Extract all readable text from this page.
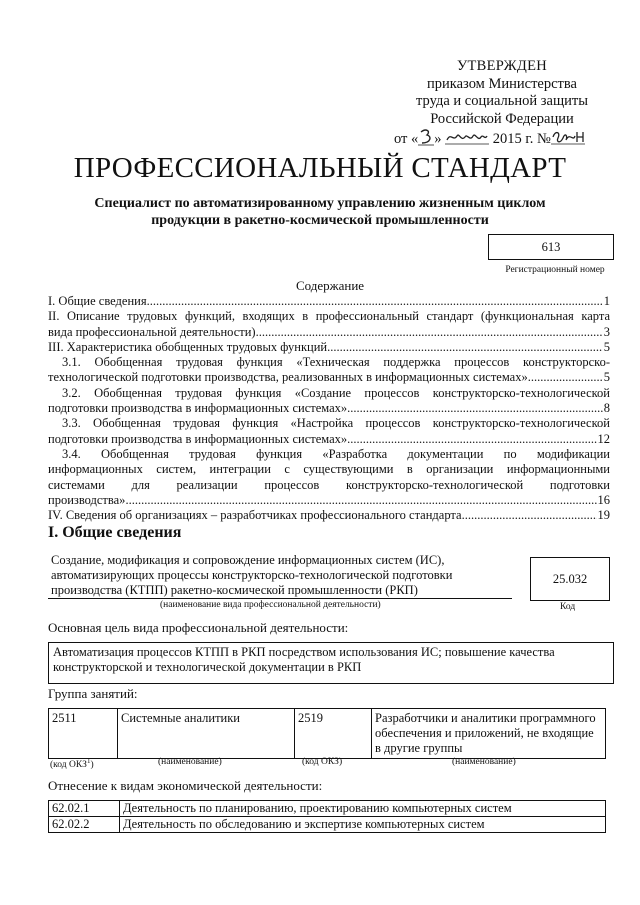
УТВЕРЖДЕН
приказом Министерства
труда и социальной защиты
Российской Федерации
от « »	2015 г. №
ПРОФЕССИОНАЛЬНЫЙ СТАНДАРТ
Специалист по автоматизированному управлению жизненным циклом продукции в ракетно-космической промышленности
613
Регистрационный номер
Содержание
I. Общие сведения .....	1
II. Описание трудовых функций, входящих в профессиональный стандарт (функциональная карта
вида профессиональной деятельности) .....	3
III. Характеристика обобщенных трудовых функций .....	5
3.1. Обобщенная трудовая функция «Техническая поддержка процессов конструкторско-
технологической подготовки производства, реализованных в информационных системах» .....	5
3.2. Обобщенная трудовая функция «Создание процессов конструкторско-технологической
подготовки производства в информационных системах» .....	8
3.3. Обобщенная трудовая функция «Настройка процессов конструкторско-технологической
подготовки производства в информационных системах» .....	12
3.4. Обобщенная трудовая функция «Разработка документации по модификации
информационных систем, интеграции с существующими в организации информационными
системами для реализации процессов конструкторско-технологической подготовки
производства» .....	16
IV. Сведения об организациях – разработчиках профессионального стандарта .....	19
I. Общие сведения
Создание, модификация и сопровождение информационных систем (ИС), автоматизирующих процессы конструкторско-технологической подготовки производства (КТПП) ракетно-космической промышленности (РКП)
25.032
(наименование вида профессиональной деятельности)	Код
Основная цель вида профессиональной деятельности:
Автоматизация процессов КТПП в РКП посредством использования ИС; повышение качества конструкторской и технологической документации в РКП
Группа занятий:
2511	Системные аналитики	2519	Разработчики и аналитики программного обеспечения и приложений, не входящие в другие группы
(код ОКЗ$^1$)	(наименование)	(код ОКЗ)	(наименование)
Отнесение к видам экономической деятельности:
62.02.1	Деятельность по планированию, проектированию компьютерных систем
62.02.2	Деятельность по обследованию и экспертизе компьютерных систем
